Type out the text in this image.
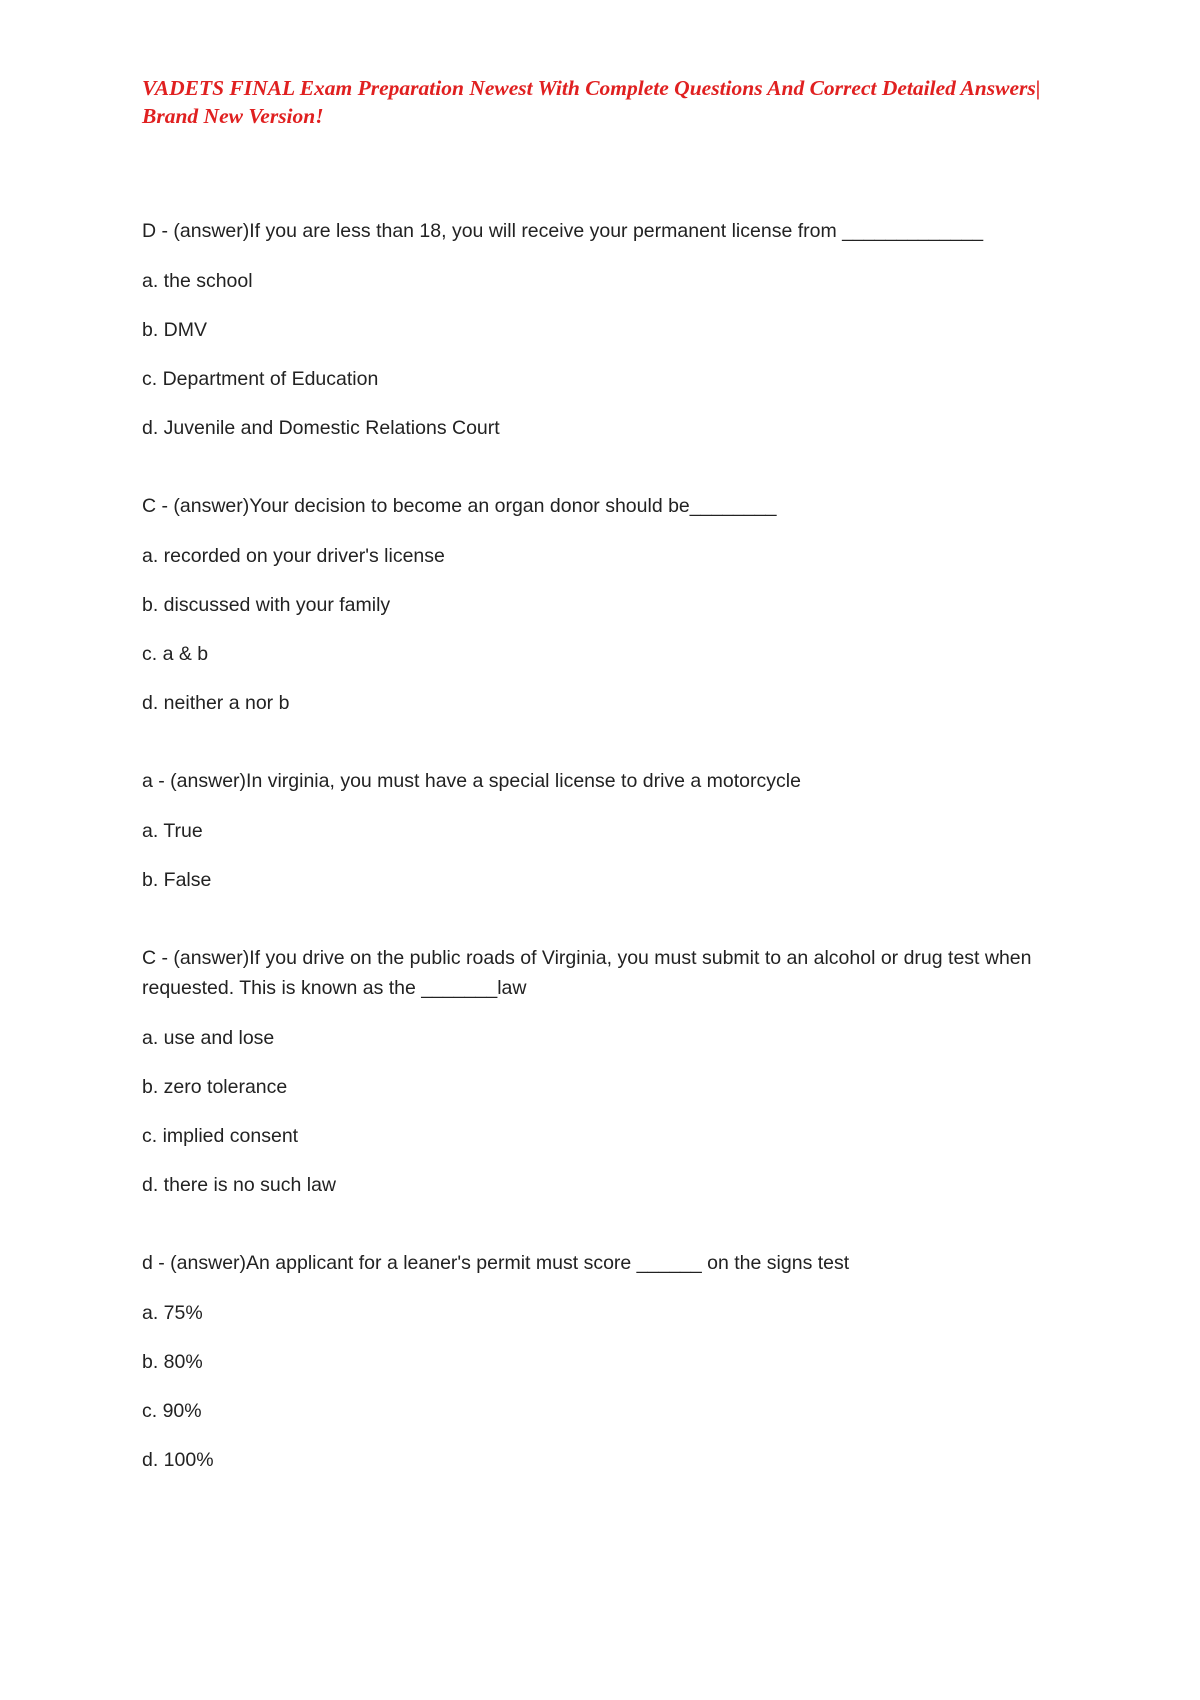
VADETS FINAL Exam Preparation Newest With Complete Questions And Correct Detailed Answers| Brand New Version!

D - (answer)If you are less than 18, you will receive your permanent license from _____________

a. the school

b. DMV

c. Department of Education

d. Juvenile and Domestic Relations Court

C - (answer)Your decision to become an organ donor should be________

a. recorded on your driver's license

b. discussed with your family

c. a & b

d. neither a nor b

a - (answer)In virginia, you must have a special license to drive a motorcycle

a. True

b. False

C - (answer)If you drive on the public roads of Virginia, you must submit to an alcohol or drug test when requested. This is known as the _______law

a. use and lose

b. zero tolerance

c. implied consent

d. there is no such law

d - (answer)An applicant for a leaner's permit must score ______ on the signs test

a. 75%

b. 80%

c. 90%

d. 100%
